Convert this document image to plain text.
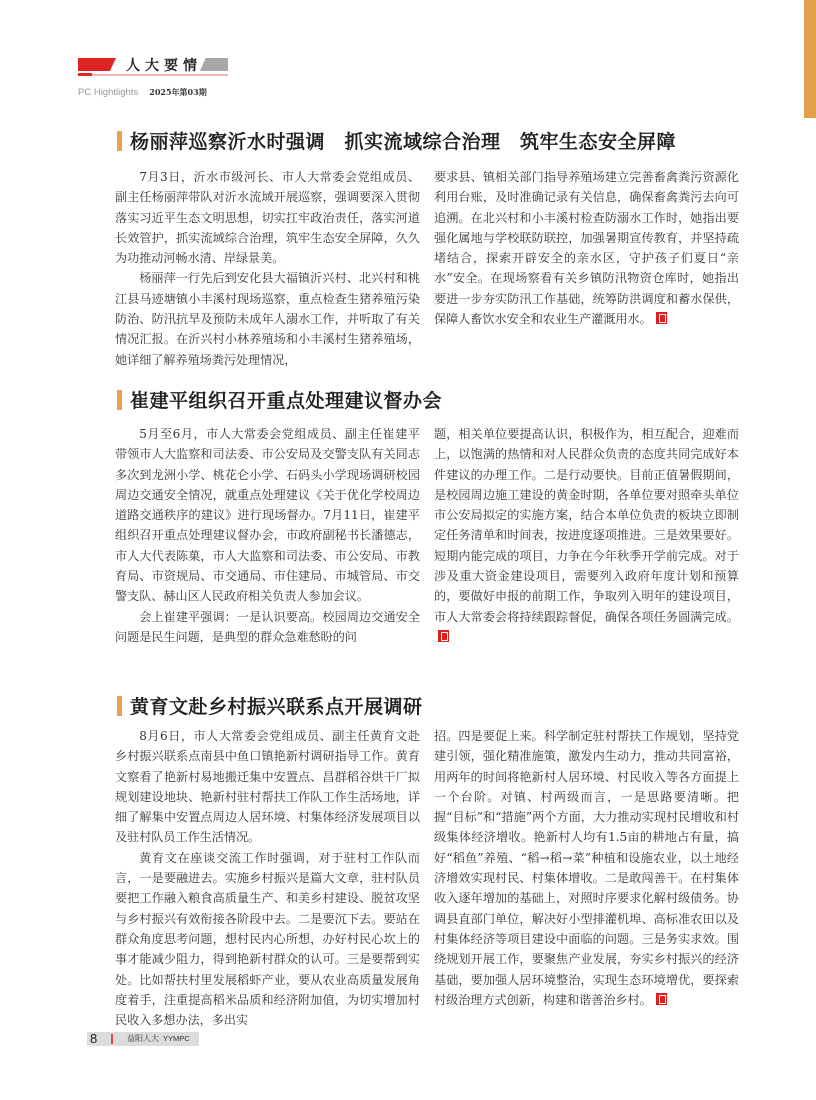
人大要情
PC Hightlights 2025年第03期
杨丽萍巡察沂水时强调　抓实流域综合治理　筑牢生态安全屏障

7月3日，沂水市级河长、市人大常委会党组成员、副主任杨丽萍带队对沂水流域开展巡察，强调要深入贯彻落实习近平生态文明思想，切实扛牢政治责任，落实河道长效管护，抓实流域综合治理，筑牢生态安全屏障，久久为功推动河畅水清、岸绿景美。

杨丽萍一行先后到安化县大福镇沂兴村、北兴村和桃江县马迹塘镇小丰溪村现场巡察，重点检查生猪养殖污染防治、防汛抗旱及预防未成年人溺水工作，并听取了有关情况汇报。在沂兴村小林养殖场和小丰溪村生猪养殖场，她详细了解养殖场粪污处理情况，

要求县、镇相关部门指导养殖场建立完善畜禽粪污资源化利用台账，及时准确记录有关信息，确保畜禽粪污去向可追溯。在北兴村和小丰溪村检查防溺水工作时，她指出要强化属地与学校联防联控，加强暑期宣传教育，并坚持疏堵结合，探索开辟安全的亲水区，守护孩子们夏日“亲水”安全。在现场察看有关乡镇防汛物资仓库时，她指出要进一步夯实防汛工作基础，统筹防洪调度和蓄水保供，保障人畜饮水安全和农业生产灌溉用水。

崔建平组织召开重点处理建议督办会

5月至6月，市人大常委会党组成员、副主任崔建平带领市人大监察和司法委、市公安局及交警支队有关同志多次到龙洲小学、桃花仑小学、石码头小学现场调研校园周边交通安全情况，就重点处理建议《关于优化学校周边道路交通秩序的建议》进行现场督办。7月11日，崔建平组织召开重点处理建议督办会，市政府副秘书长潘德志，市人大代表陈菓，市人大监察和司法委、市公安局、市教育局、市资规局、市交通局、市住建局、市城管局、市交警支队、赫山区人民政府相关负责人参加会议。

会上崔建平强调：一是认识要高。校园周边交通安全问题是民生问题，是典型的群众急难愁盼的问

题，相关单位要提高认识，积极作为，相互配合，迎难而上，以饱满的热情和对人民群众负责的态度共同完成好本件建议的办理工作。二是行动要快。目前正值暑假期间，是校园周边施工建设的黄金时期，各单位要对照牵头单位市公安局拟定的实施方案，结合本单位负责的板块立即制定任务清单和时间表，按进度逐项推进。三是效果要好。短期内能完成的项目，力争在今年秋季开学前完成。对于涉及重大资金建设项目，需要列入政府年度计划和预算的，要做好申报的前期工作，争取列入明年的建设项目，市人大常委会将持续跟踪督促，确保各项任务圆满完成。

黄育文赴乡村振兴联系点开展调研

8月6日，市人大常委会党组成员、副主任黄育文赴乡村振兴联系点南县中鱼口镇艳新村调研指导工作。黄育文察看了艳新村易地搬迁集中安置点、昌群稻谷烘干厂拟规划建设地块、艳新村驻村帮扶工作队工作生活场地，详细了解集中安置点周边人居环境、村集体经济发展项目以及驻村队员工作生活情况。

黄育文在座谈交流工作时强调，对于驻村工作队而言，一是要融进去。实施乡村振兴是篇大文章，驻村队员要把工作融入粮食高质量生产、和美乡村建设、脱贫攻坚与乡村振兴有效衔接各阶段中去。二是要沉下去。要站在群众角度思考问题，想村民内心所想，办好村民心坎上的事才能减少阻力，得到艳新村群众的认可。三是要帮到实处。比如帮扶村里发展稻虾产业，要从农业高质量发展角度着手，注重提高稻米品质和经济附加值，为切实增加村民收入多想办法，多出实

招。四是要促上来。科学制定驻村帮扶工作规划，坚持党建引领，强化精准施策，激发内生动力，推动共同富裕，用两年的时间将艳新村人居环境、村民收入等各方面提上一个台阶。对镇、村两级而言，一是思路要清晰。把握“目标”和“措施”两个方面，大力推动实现村民增收和村级集体经济增收。艳新村人均有1.5亩的耕地占有量，搞好“稻鱼”养殖、“稻→稻→菜”种植和设施农业，以土地经济增效实现村民、村集体增收。二是敢闯善干。在村集体收入逐年增加的基础上，对照时序要求化解村级债务。协调县直部门单位，解决好小型排灌机埠、高标准农田以及村集体经济等项目建设中面临的问题。三是务实求效。围绕规划开展工作，要聚焦产业发展，夯实乡村振兴的经济基础，要加强人居环境整治，实现生态环境增优，要探索村级治理方式创新，构建和谐善治乡村。

8	益阳人大 YYMPC
